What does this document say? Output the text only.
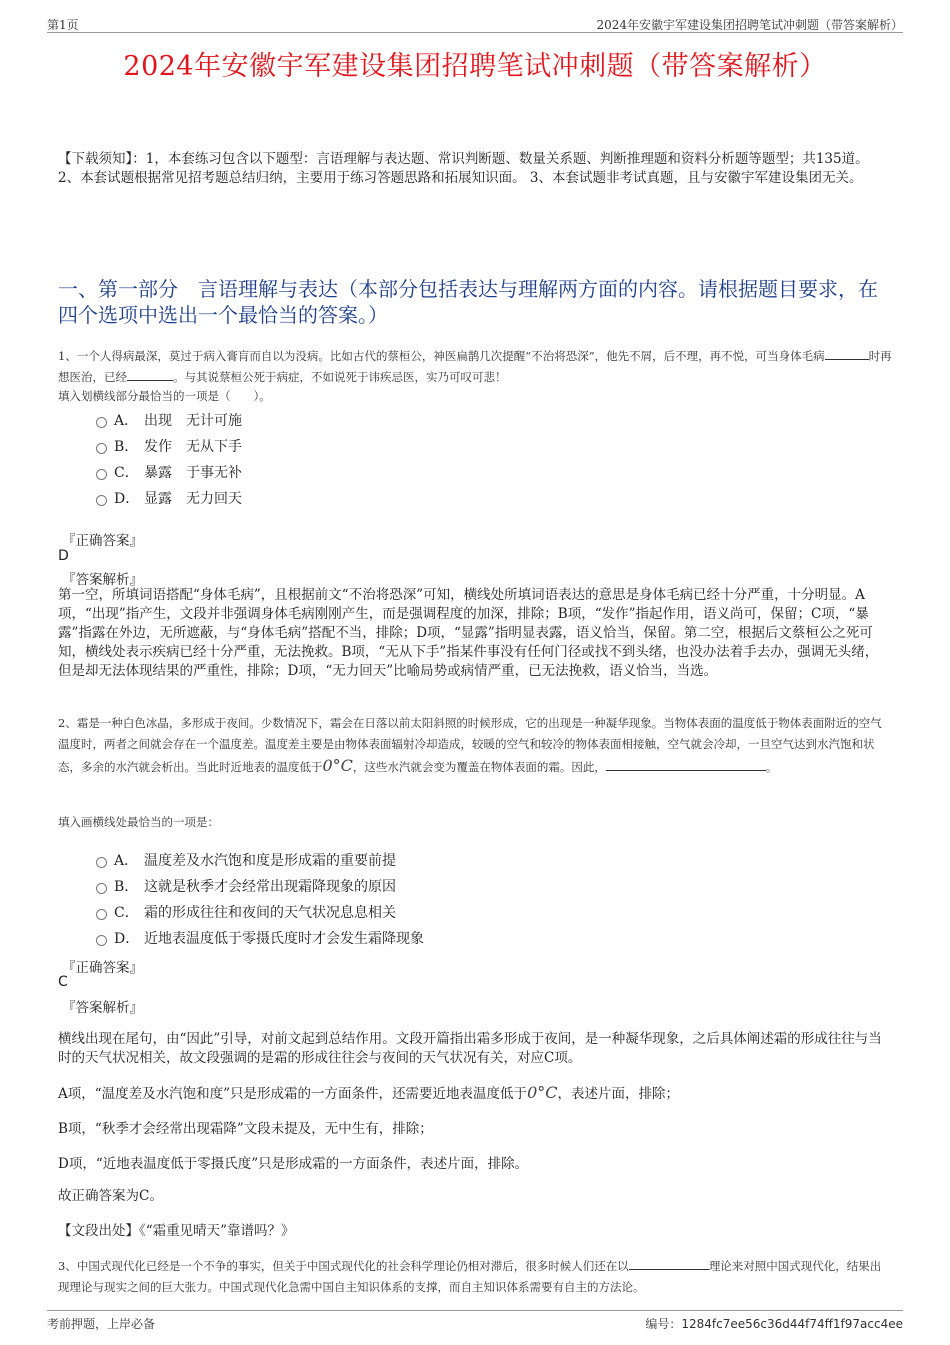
第1页	2024年安徽宇军建设集团招聘笔试冲刺题（带答案解析）
2024年安徽宇军建设集团招聘笔试冲刺题（带答案解析）
【下载须知】：1，本套练习包含以下题型：言语理解与表达题、常识判断题、数量关系题、判断推理题和资料分析题等题型；共135道。 2、本套试题根据常见招考题总结归纳，主要用于练习答题思路和拓展知识面。 3、本套试题非考试真题，且与安徽宇军建设集团无关。
一、第一部分　言语理解与表达（本部分包括表达与理解两方面的内容。请根据题目要求，在四个选项中选出一个最恰当的答案。）
1、一个人得病最深，莫过于病入膏肓而自以为没病。比如古代的蔡桓公，神医扁鹊几次提醒“不治将恐深”，他先不屑，后不理，再不悦，可当身体毛病	时再想医治，已经	。与其说蔡桓公死于病症，不如说死于讳疾忌医，实乃可叹可悲！
填入划横线部分最恰当的一项是（　　）。
A． 出现　无计可施
B． 发作　无从下手
C． 暴露　于事无补
D． 显露　无力回天
『正确答案』
D
『答案解析』
第一空，所填词语搭配“身体毛病”，且根据前文“不治将恐深”可知，横线处所填词语表达的意思是身体毛病已经十分严重，十分明显。A项，“出现”指产生，文段并非强调身体毛病刚刚产生，而是强调程度的加深，排除；B项，“发作”指起作用，语义尚可，保留；C项，“暴露”指露在外边，无所遮蔽，与“身体毛病”搭配不当，排除；D项，“显露”指明显表露，语义恰当，保留。第二空，根据后文蔡桓公之死可知，横线处表示疾病已经十分严重，无法挽救。B项，“无从下手”指某件事没有任何门径或找不到头绪，也没办法着手去办，强调无头绪，但是却无法体现结果的严重性，排除；D项，“无力回天”比喻局势或病情严重，已无法挽救，语义恰当，当选。
2、霜是一种白色冰晶，多形成于夜间。少数情况下，霜会在日落以前太阳斜照的时候形成，它的出现是一种凝华现象。当物体表面的温度低于物体表面附近的空气温度时，两者之间就会存在一个温度差。温度差主要是由物体表面辐射冷却造成，较暖的空气和较冷的物体表面相接触，空气就会冷却，一旦空气达到水汽饱和状态，多余的水汽就会析出。当此时近地表的温度低于0°C，这些水汽就会变为覆盖在物体表面的霜。因此，	。
填入画横线处最恰当的一项是：
A． 温度差及水汽饱和度是形成霜的重要前提
B． 这就是秋季才会经常出现霜降现象的原因
C． 霜的形成往往和夜间的天气状况息息相关
D． 近地表温度低于零摄氏度时才会发生霜降现象
『正确答案』
C
『答案解析』
横线出现在尾句，由“因此”引导，对前文起到总结作用。文段开篇指出霜多形成于夜间，是一种凝华现象，之后具体阐述霜的形成往往与当时的天气状况相关，故文段强调的是霜的形成往往会与夜间的天气状况有关，对应C项。
A项，“温度差及水汽饱和度”只是形成霜的一方面条件，还需要近地表温度低于0°C，表述片面，排除；
B项，“秋季才会经常出现霜降”文段未提及，无中生有，排除；
D项，“近地表温度低于零摄氏度”只是形成霜的一方面条件，表述片面，排除。
故正确答案为C。
【文段出处】《“霜重见晴天”靠谱吗？》
3、中国式现代化已经是一个不争的事实，但关于中国式现代化的社会科学理论仍相对滞后，很多时候人们还在以	理论来对照中国式现代化，结果出现理论与现实之间的巨大张力。中国式现代化急需中国自主知识体系的支撑，而自主知识体系需要有自主的方法论。
考前押题，上岸必备	编号：1284fc7ee56c36d44f74ff1f97acc4ee
